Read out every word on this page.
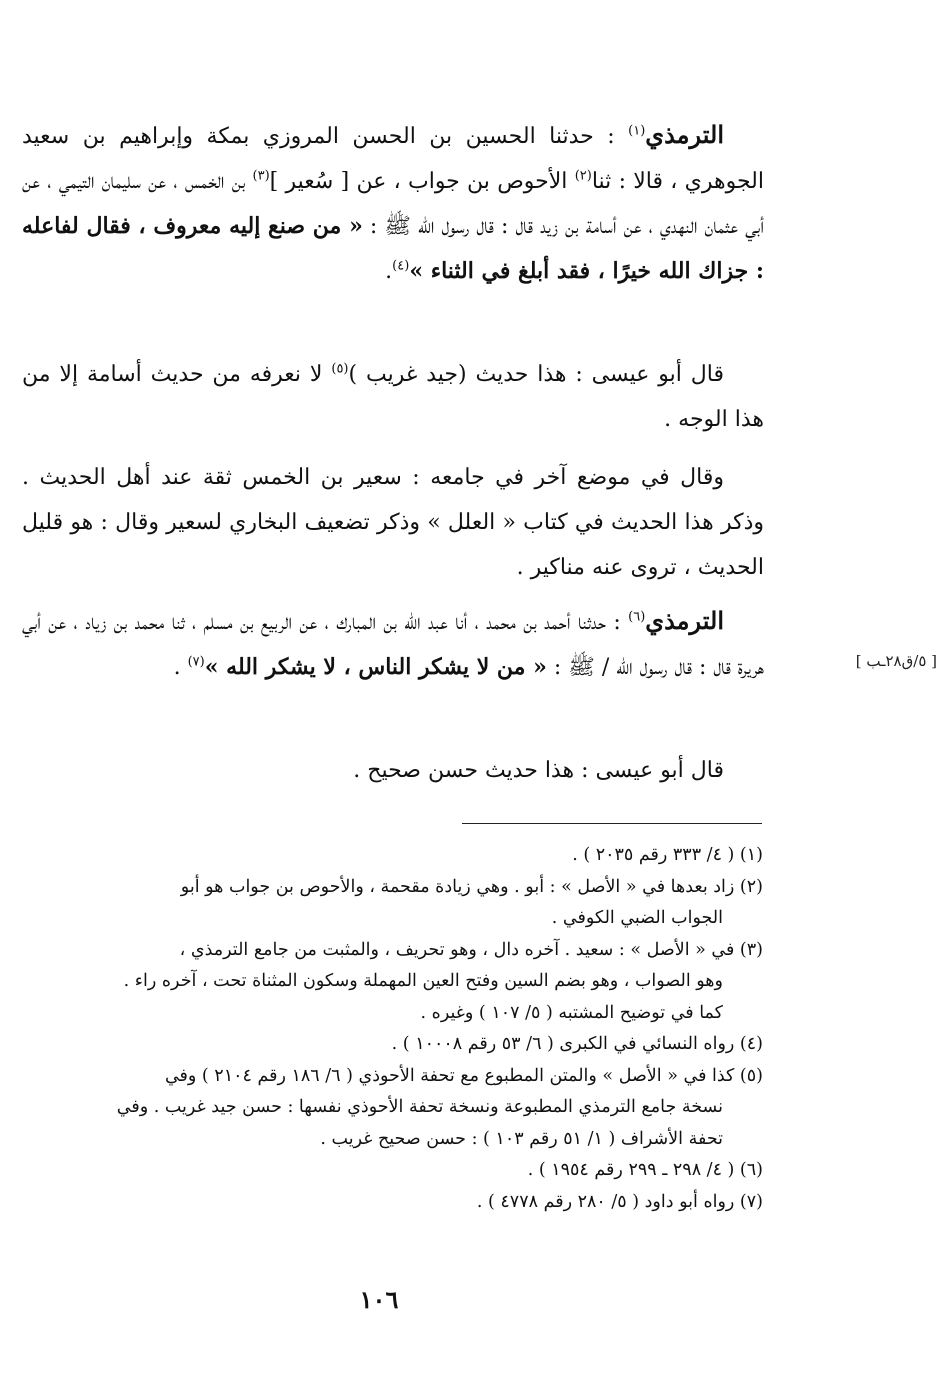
الترمذي$^{(١)}$ : حدثنا الحسين بن الحسن المروزي بمكة وإبراهيم بن سعيد الجوهري ، قالا : ثنا$^{(٢)}$ الأحوص بن جواب ، عن [ سُعير ]$^{(٣)}$ بن الخمس ، عن سليمان التيمي ، عن أبي عثمان النهدي ، عن أسامة بن زيد قال : قال رسول الله ﷺ : « من صنع إليه معروف ، فقال لفاعله : جزاك الله خيرًا ، فقد أبلغ في الثناء »$^{(٤)}$.

قال أبو عيسى : هذا حديث (جيد غريب )$^{(٥)}$ لا نعرفه من حديث أسامة إلا من هذا الوجه .

وقال في موضع آخر في جامعه : سعير بن الخمس ثقة عند أهل الحديث . وذكر هذا الحديث في كتاب « العلل » وذكر تضعيف البخاري لسعير وقال : هو قليل الحديث ، تروى عنه مناكير .

الترمذي$^{(٦)}$ : حدثنا أحمد بن محمد ، أنا عبد الله بن المبارك ، عن الربيع بن مسلم ، ثنا محمد بن زياد ، عن أبي هريرة قال : قال رسول الله / ﷺ : « من لا يشكر الناس ، لا يشكر الله »$^{(٧)}$ .

قال أبو عيسى : هذا حديث حسن صحيح .

[ ٥/ق٢٨ـب ]

(١) ( ٤/ ٣٣٣ رقم ٢٠٣٥ ) .

(٢) زاد بعدها في « الأصل » : أبو . وهي زيادة مقحمة ، والأحوص بن جواب هو أبو
الجواب الضبي الكوفي .

(٣) في « الأصل » : سعيد . آخره دال ، وهو تحريف ، والمثبت من جامع الترمذي ،
وهو الصواب ، وهو بضم السين وفتح العين المهملة وسكون المثناة تحت ، آخره راء .
كما في توضيح المشتبه ( ٥/ ١٠٧ ) وغيره .

(٤) رواه النسائي في الكبرى ( ٦/ ٥٣ رقم ١٠٠٠٨ ) .

(٥) كذا في « الأصل » والمتن المطبوع مع تحفة الأحوذي ( ٦/ ١٨٦ رقم ٢١٠٤ ) وفي
نسخة جامع الترمذي المطبوعة ونسخة تحفة الأحوذي نفسها : حسن جيد غريب . وفي
تحفة الأشراف ( ١/ ٥١ رقم ١٠٣ ) : حسن صحيح غريب .

(٦) ( ٤/ ٢٩٨ ـ ٢٩٩ رقم ١٩٥٤ ) .

(٧) رواه أبو داود ( ٥/ ٢٨٠ رقم ٤٧٧٨ ) .

١٠٦
